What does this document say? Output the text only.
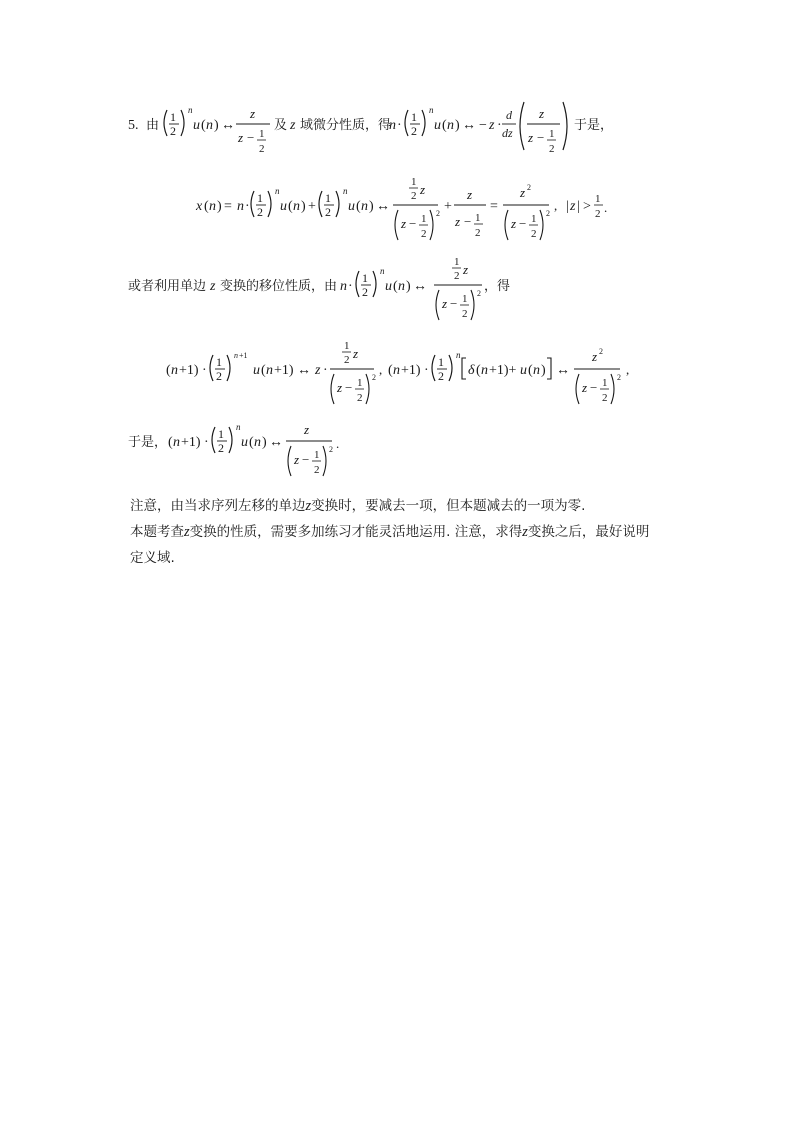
5. 由
1
2
n
u ( n ) ↔
z
z − 1
2
及 z 域微分性质，得
n ·
1
2
n
u ( n ) ↔ − z ·
d
dz
z
z − 1
2
于是，
x ( n ) = n ·
1
2
n
u ( n ) +
1
2
n
u ( n ) ↔
1
2 z
z − 1
2
2 +
z
z − 1
2
=
z 2
z − 1
2
2
, | z | > 1
2 .
或者利用单边 z 变换的移位性质，由 n ·
1
2
n
u ( n ) ↔
1
2 z
z − 1
2
2 ，得
( n +1) ·
1
2
n +1
u ( n +1) ↔ z ·
1
2 z
z − 1
2
2
, ( n +1) ·
1
2
n
δ ( n +1)+ u ( n ) ↔
z 2
z − 1
2
2
,
于是， ( n +1) ·
1
2
n
u ( n ) ↔
z
z − 1
2
2 .
注意，由当求序列左移的单边z变换时，要减去一项，但本题减去的一项为零.
本题考查z变换的性质，需要多加练习才能灵活地运用. 注意，求得z变换之后，最好说明
定义域.
